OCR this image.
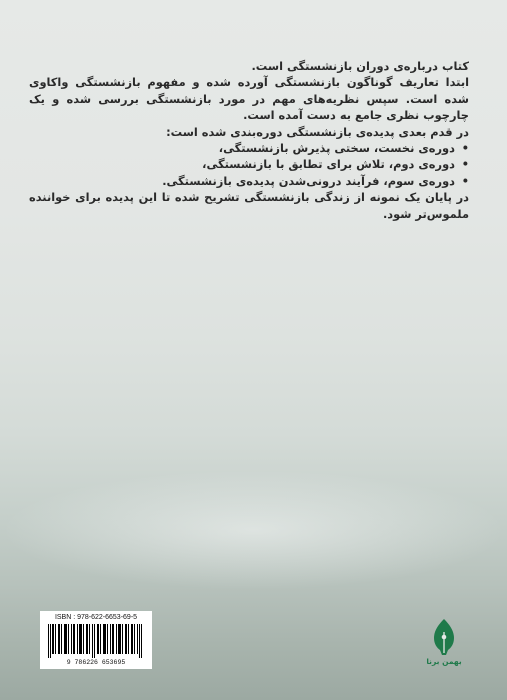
کتاب درباره‌ی دوران بازنشستگی است.

ابتدا تعاریف گوناگون بازنشستگی آورده شده و مفهوم بازنشستگی واکاوی شده است. سپس نظریه‌های مهم در مورد بازنشستگی بررسی شده و یک چارچوب نظری جامع به دست آمده است.

در قدم بعدی پدیده‌ی بازنشستگی دوره‌بندی شده است:

•
دوره‌ی نخست، سختی پذیرش بازنشستگی،
•
دوره‌ی دوم، تلاش برای تطابق با بازنشستگی،
•
دوره‌ی سوم، فرآیند درونی‌شدن پدیده‌ی بازنشستگی.

در پایان یک نمونه از زندگی بازنشستگی تشریح شده تا این پدیده برای خواننده ملموس‌تر شود.

ISBN : 978-622-6653-69-5
9 786226 653695	بهمن برنا
